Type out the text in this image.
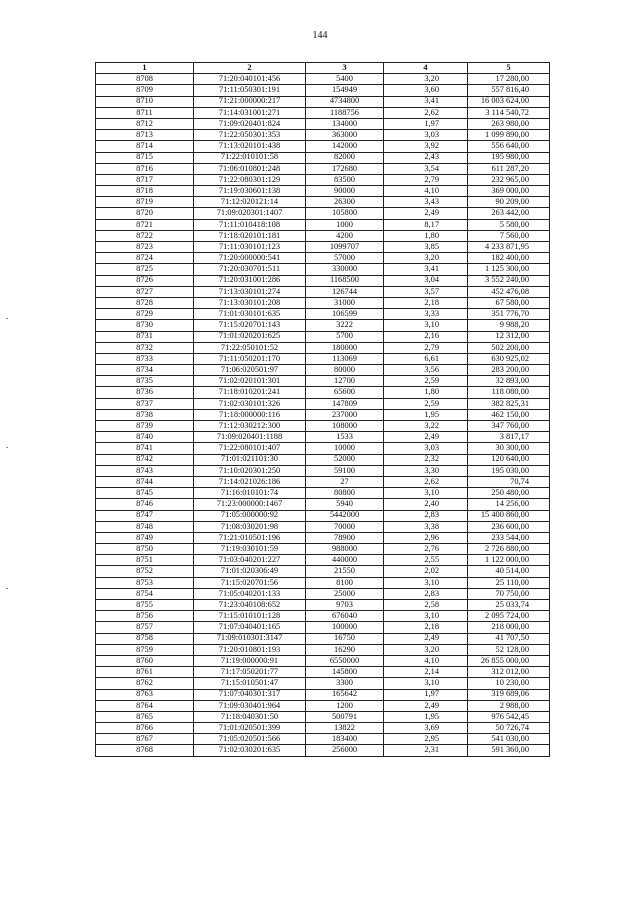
144
1	2	3	4	5
8708	71:20:040101:456	5400	3,20	17 280,00
8709	71:11:050301:191	154949	3,60	557 816,40
8710	71:21:000000:217	4734800	3,41	16 003 624,00
8711	71:14:031001:271	1188756	2,62	3 114 540,72
8712	71:09:020401:824	134000	1,97	263 980,00
8713	71:22:050301:353	363000	3,03	1 099 890,00
8714	71:13:020101:438	142000	3,92	556 640,00
8715	71:22:010101:58	82000	2,43	195 980,00
8716	71:06:010801:248	172680	3,54	611 287,20
8717	71:22:080301:129	83500	2,79	232 965,00
8718	71:19:030601:138	90000	4,10	369 000,00
8719	71:12:020121:14	26300	3,43	90 209,00
8720	71:09:020301:1407	105800	2,49	263 442,00
8721	71:11:010418:108	1000	8,17	5 580,00
8722	71:18:020101:181	4200	1,80	7 560,00
8723	71:11:030101:123	1099707	3,85	4 233 871,95
8724	71:20:000000:541	57000	3,20	182 400,00
8725	71:20:030701:511	330000	3,41	1 125 300,00
8726	71:20:031001:286	1168500	3,04	3 552 240,00
8727	71:13:030101:274	126744	3,57	452 476,08
8728	71:13:030101:208	31000	2,18	67 580,00
8729	71:01:030101:635	106599	3,33	351 776,70
8730	71:15:020701:143	3222	3,10	9 988,20
8731	71:01:020201:625	5700	2,16	12 312,00
8732	71:22:050101:52	180000	2,79	502 200,00
8733	71:11:050201:170	113069	6,61	630 925,02
8734	71:06:020501:97	80000	3,56	283 200,00
8735	71:02:020101:301	12700	2,59	32 893,00
8736	71:18:010201:241	65600	1,80	118 080,00
8737	71:02:030101:326	147809	2,59	382 825,31
8738	71:18:000000:116	237000	1,95	462 150,00
8739	71:12:030212:300	108000	3,22	347 760,00
8740	71:09:020401:1188	1533	2,49	3 817,17
8741	71:22:080101:407	10000	3,03	30 300,00
8742	71:01:021101:30	52000	2,32	120 640,00
8743	71:10:020301:250	59100	3,30	195 030,00
8744	71:14:021026:186	27	2,62	70,74
8745	71:16:010101:74	80800	3,10	250 480,00
8746	71:23:000000:1467	5940	2,40	14 256,00
8747	71:05:000000:92	5442000	2,83	15 400 860,00
8748	71:08:030201:98	70000	3,38	236 600,00
8749	71:21:010501:196	78900	2,96	233 544,00
8750	71:19:030101:59	988000	2,76	2 726 880,00
8751	71:03:040201:227	440000	2,55	1 122 000,00
8752	71:01:020306:49	21550	2,02	40 514,00
8753	71:15:020701:56	8100	3,10	25 110,00
8754	71:05:040201:133	25000	2,83	70 750,00
8755	71:23:040108:652	9703	2,58	25 033,74
8756	71:15:010101:128	676040	3,10	2 095 724,00
8757	71:07:040401:165	100000	2,18	218 000,00
8758	71:09:010301:3147	16750	2,49	41 707,50
8759	71:20:010801:193	16290	3,20	52 128,00
8760	71:19:000000:91	6550000	4,10	26 855 000,00
8761	71:17:050201:77	145800	2,14	312 012,00
8762	71:15:010501:47	3300	3,10	10 230,00
8763	71:07:040301:317	165642	1,97	319 689,06
8764	71:09:030401:964	1200	2,49	2 988,00
8765	71:18:040301:50	500791	1,95	976 542,45
8766	71:01:020501:399	13822	3,69	50 726,74
8767	71:05:020501:566	183400	2,95	541 030,00
8768	71:02:030201:635	256000	2,31	591 360,00
